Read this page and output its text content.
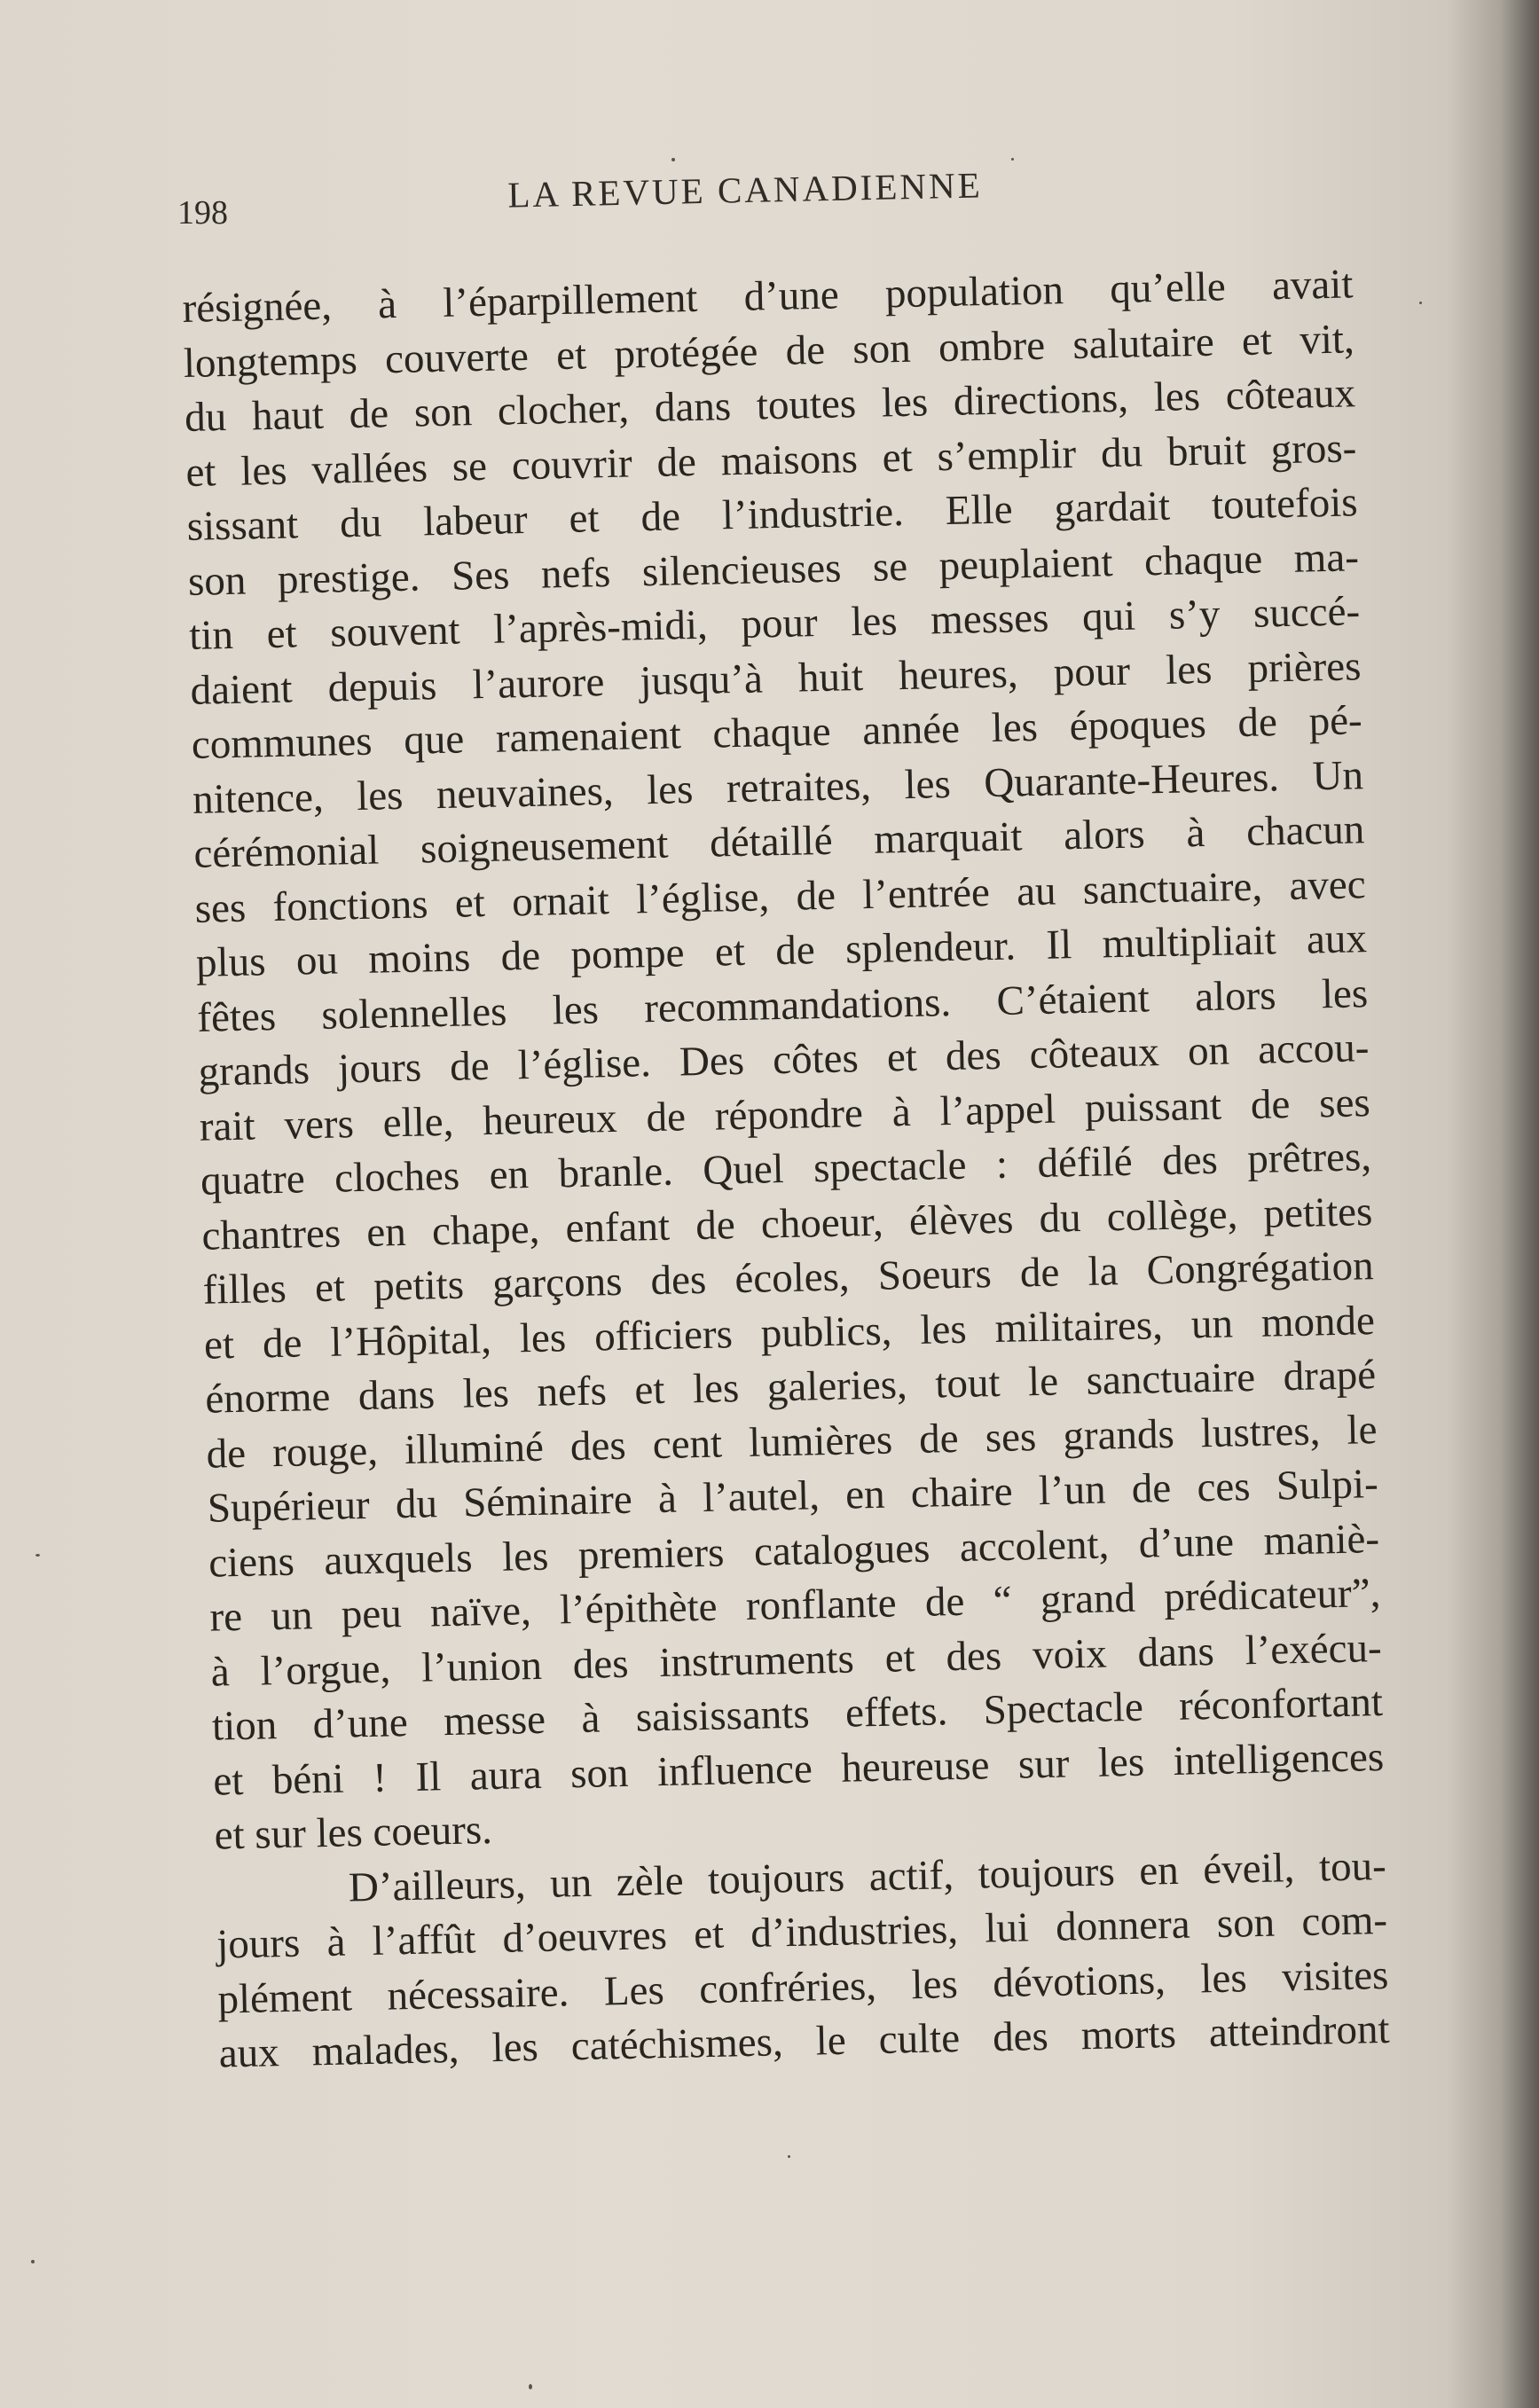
198	LA REVUE CANADIENNE

résignée, à l’éparpillement d’une population qu’elle avait
longtemps couverte et protégée de son ombre salutaire et vit,
du haut de son clocher, dans toutes les directions, les côteaux
et les vallées se couvrir de maisons et s’emplir du bruit gros-
sissant du labeur et de l’industrie. Elle gardait toutefois
son prestige. Ses nefs silencieuses se peuplaient chaque ma-
tin et souvent l’après-midi, pour les messes qui s’y succé-
daient depuis l’aurore jusqu’à huit heures, pour les prières
communes que ramenaient chaque année les époques de pé-
nitence, les neuvaines, les retraites, les Quarante-Heures. Un
cérémonial soigneusement détaillé marquait alors à chacun
ses fonctions et ornait l’église, de l’entrée au sanctuaire, avec
plus ou moins de pompe et de splendeur. Il multipliait aux
fêtes solennelles les recommandations. C’étaient alors les
grands jours de l’église. Des côtes et des côteaux on accou-
rait vers elle, heureux de répondre à l’appel puissant de ses
quatre cloches en branle. Quel spectacle : défilé des prêtres,
chantres en chape, enfant de choeur, élèves du collège, petites
filles et petits garçons des écoles, Soeurs de la Congrégation
et de l’Hôpital, les officiers publics, les militaires, un monde
énorme dans les nefs et les galeries, tout le sanctuaire drapé
de rouge, illuminé des cent lumières de ses grands lustres, le
Supérieur du Séminaire à l’autel, en chaire l’un de ces Sulpi-
ciens auxquels les premiers catalogues accolent, d’une maniè-
re un peu naïve, l’épithète ronflante de “ grand prédicateur”,
à l’orgue, l’union des instruments et des voix dans l’exécu-
tion d’une messe à saisissants effets. Spectacle réconfortant
et béni ! Il aura son influence heureuse sur les intelligences
et sur les coeurs.

D’ailleurs, un zèle toujours actif, toujours en éveil, tou-
jours à l’affût d’oeuvres et d’industries, lui donnera son com-
plément nécessaire. Les confréries, les dévotions, les visites
aux malades, les catéchismes, le culte des morts atteindront
